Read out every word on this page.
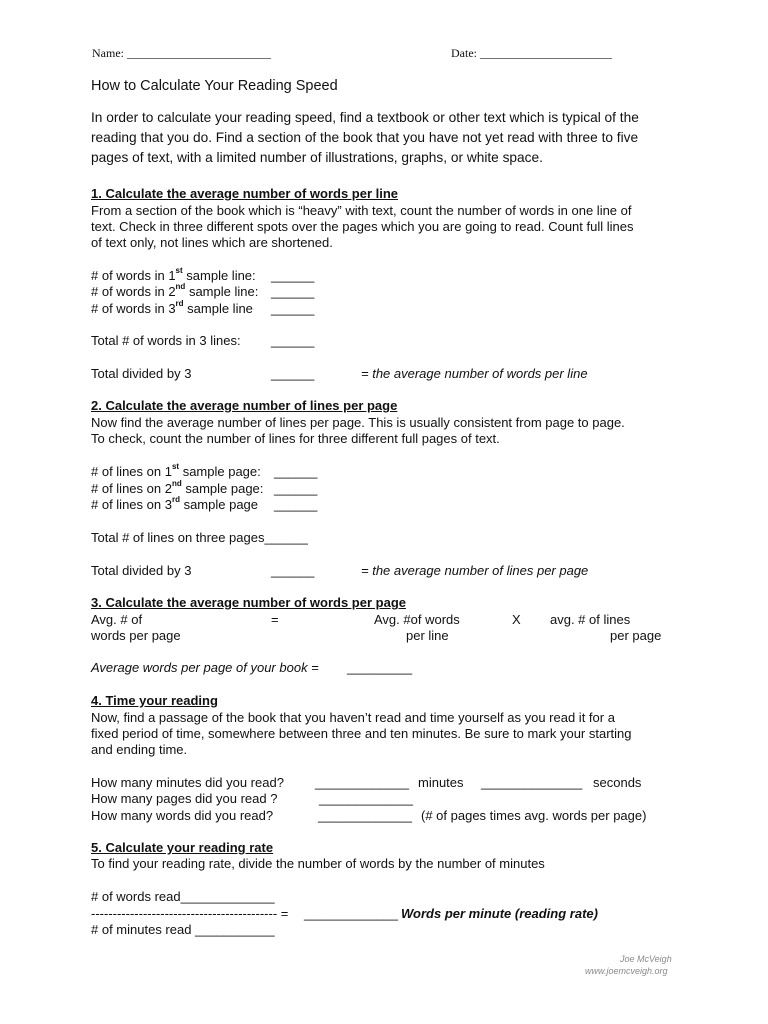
Name: ________________________	Date: ______________________
How to Calculate Your Reading Speed
In order to calculate your reading speed, find a textbook or other text which is typical of the
reading that you do. Find a section of the book that you have not yet read with three to five
pages of text, with a limited number of illustrations, graphs, or white space.
1. Calculate the average number of words per line
From a section of the book which is “heavy” with text, count the number of words in one line of
text. Check in three different spots over the pages which you are going to read. Count full lines
of text only, not lines which are shortened.
# of words in 1st sample line: ______
# of words in 2nd sample line: ______
# of words in 3rd sample line ______
Total # of words in 3 lines: ______
Total divided by 3	______	= the average number of words per line
2. Calculate the average number of lines per page
Now find the average number of lines per page. This is usually consistent from page to page.
To check, count the number of lines for three different full pages of text.
# of lines on 1st sample page: ______
# of lines on 2nd sample page: ______
# of lines on 3rd sample page ______
Total # of lines on three pages______
Total divided by 3	______	= the average number of lines per page
3. Calculate the average number of words per page
Avg. # of
words per page
=	Avg. #of words
per line
X avg. # of lines
per page
Average words per page of your book = _________
4. Time your reading
Now, find a passage of the book that you haven’t read and time yourself as you read it for a
fixed period of time, somewhere between three and ten minutes. Be sure to mark your starting
and ending time.
How many minutes did you read? _____________ minutes ______________ seconds
How many pages did you read ?	_____________
How many words did you read?	_____________ (# of pages times avg. words per page)
5. Calculate your reading rate
To find your reading rate, divide the number of words by the number of minutes
# of words read_____________
------------------------------------------- = _____________ Words per minute (reading rate)
# of minutes read ___________
Joe McVeigh
www.joemcveigh.org
